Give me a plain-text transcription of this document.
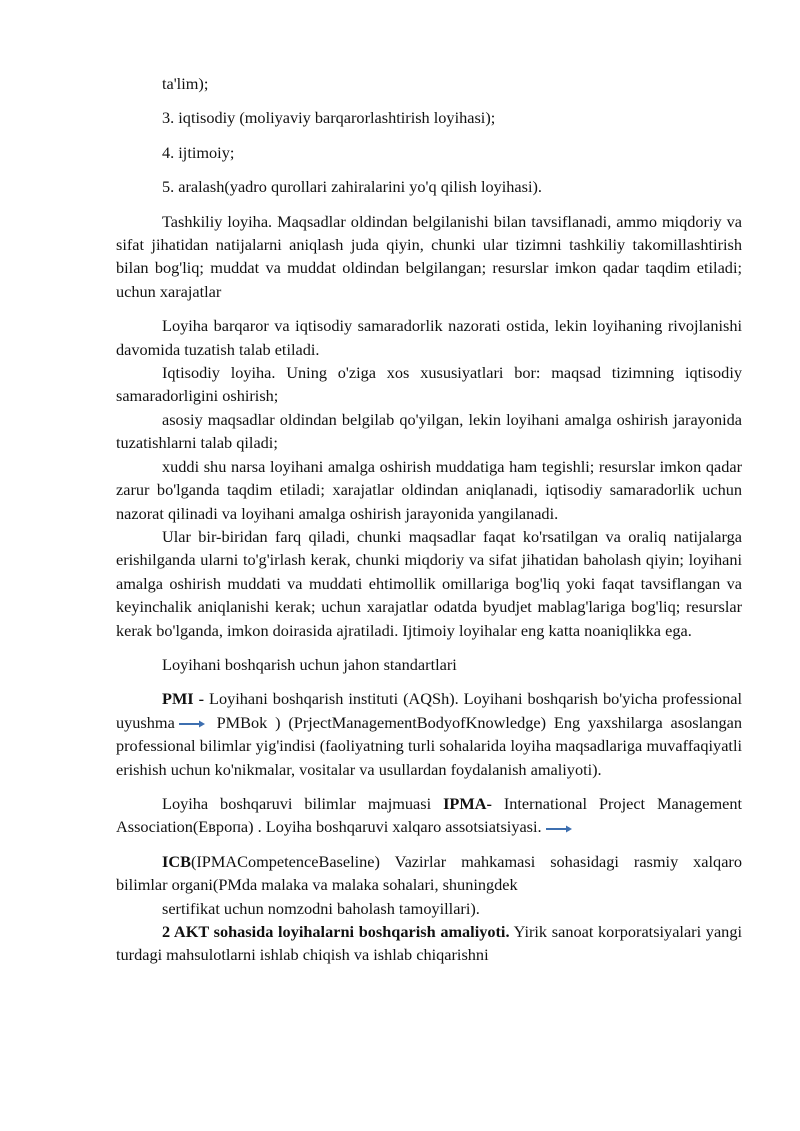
ta'lim);

3. iqtisodiy (moliyaviy barqarorlashtirish loyihasi);

4. ijtimoiy;

5. aralash(yadro qurollari zahiralarini yo'q qilish loyihasi).

Tashkiliy loyiha. Maqsadlar oldindan belgilanishi bilan tavsiflanadi, ammo miqdoriy va sifat jihatidan natijalarni aniqlash juda qiyin, chunki ular tizimni tashkiliy takomillashtirish bilan bog'liq; muddat va muddat oldindan belgilangan; resurslar imkon qadar taqdim etiladi; uchun xarajatlar

Loyiha barqaror va iqtisodiy samaradorlik nazorati ostida, lekin loyihaning rivojlanishi davomida tuzatish talab etiladi.

Iqtisodiy loyiha. Uning o'ziga xos xususiyatlari bor: maqsad tizimning iqtisodiy samaradorligini oshirish;

asosiy maqsadlar oldindan belgilab qo'yilgan, lekin loyihani amalga oshirish jarayonida tuzatishlarni talab qiladi;

xuddi shu narsa loyihani amalga oshirish muddatiga ham tegishli; resurslar imkon qadar zarur bo'lganda taqdim etiladi; xarajatlar oldindan aniqlanadi, iqtisodiy samaradorlik uchun nazorat qilinadi va loyihani amalga oshirish jarayonida yangilanadi.

Ular bir-biridan farq qiladi, chunki maqsadlar faqat ko'rsatilgan va oraliq natijalarga erishilganda ularni to'g'irlash kerak, chunki miqdoriy va sifat jihatidan baholash qiyin; loyihani amalga oshirish muddati va muddati ehtimollik omillariga bog'liq yoki faqat tavsiflangan va keyinchalik aniqlanishi kerak; uchun xarajatlar odatda byudjet mablag'lariga bog'liq; resurslar kerak bo'lganda, imkon doirasida ajratiladi. Ijtimoiy loyihalar eng katta noaniqlikka ega.

Loyihani boshqarish uchun jahon standartlari

PMI - Loyihani boshqarish instituti (AQSh). Loyihani boshqarish bo'yicha professional uyushma
PMBok ) (PrjectManagementBodyofKnowledge) Eng yaxshilarga asoslangan professional bilimlar yig'indisi (faoliyatning turli sohalarida loyiha maqsadlariga muvaffaqiyatli erishish uchun ko'nikmalar, vositalar va usullardan foydalanish amaliyoti).

Loyiha boshqaruvi bilimlar majmuasi IPMA- International Project Management Association(Европа) . Loyiha boshqaruvi xalqaro assotsiatsiyasi.

ICB(IPMACompetenceBaseline) Vazirlar mahkamasi sohasidagi rasmiy xalqaro bilimlar organi(PMda malaka va malaka sohalari, shuningdek

sertifikat uchun nomzodni baholash tamoyillari).

2 AKT sohasida loyihalarni boshqarish amaliyoti. Yirik sanoat korporatsiyalari yangi turdagi mahsulotlarni ishlab chiqish va ishlab chiqarishni
